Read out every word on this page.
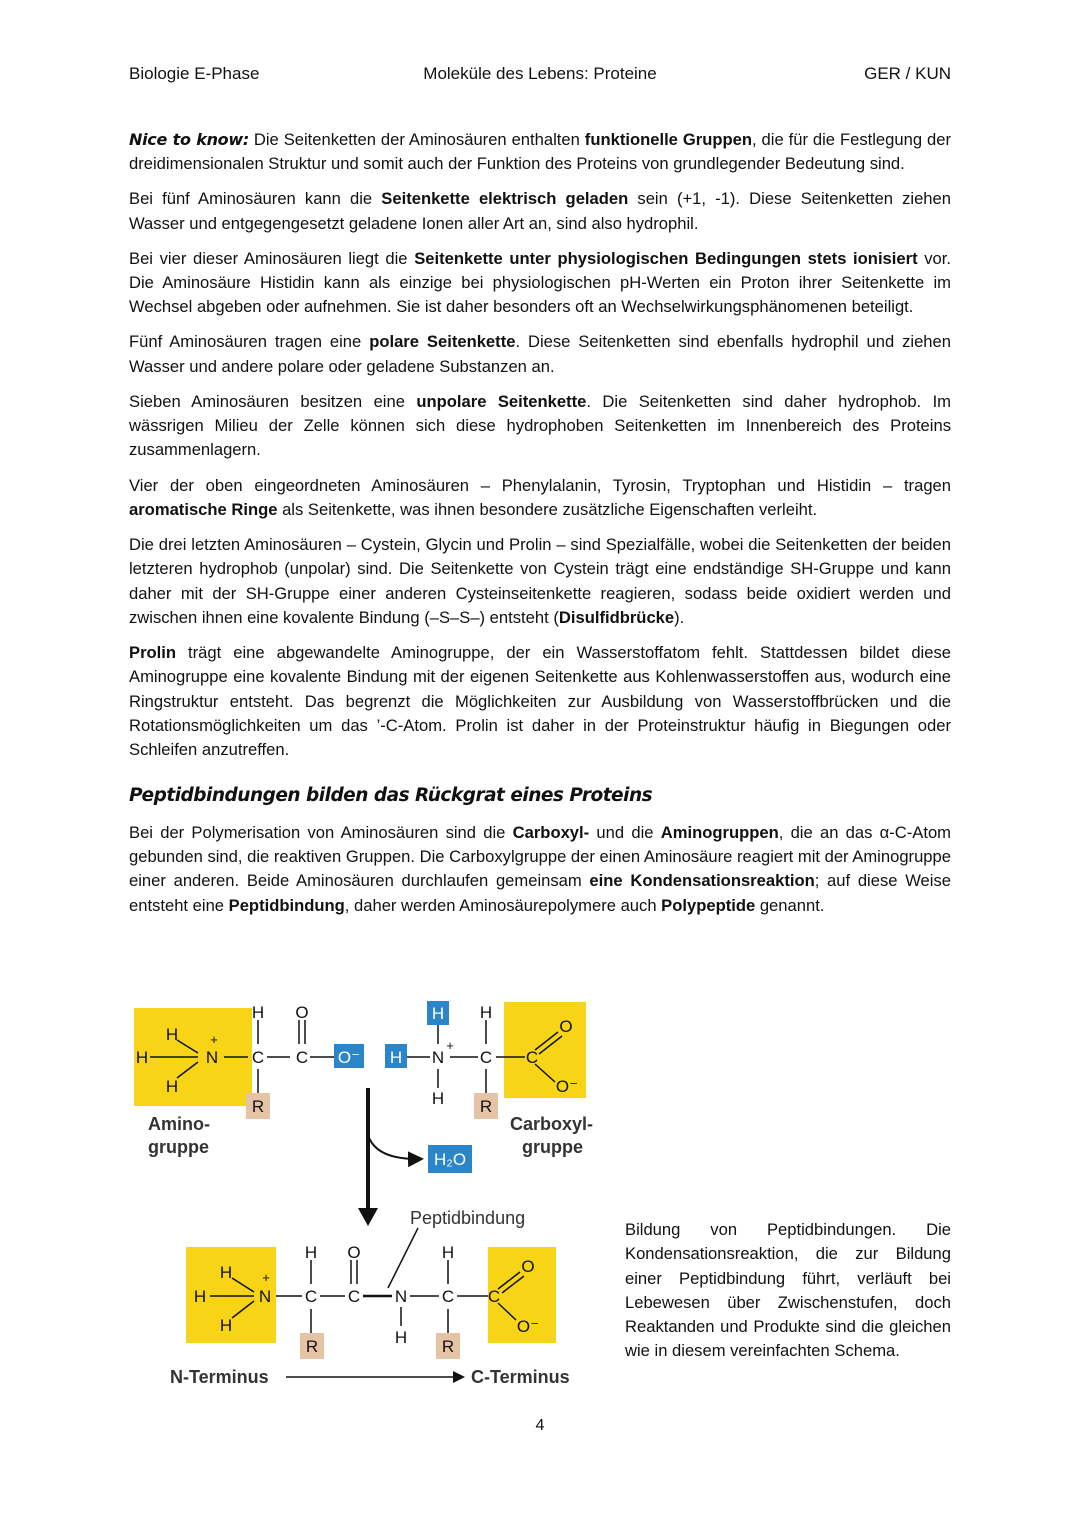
Biologie E-Phase	Moleküle des Lebens: Proteine	GER / KUN

Nice to know: Die Seitenketten der Aminosäuren enthalten funktionelle Gruppen, die für die Festlegung der dreidimensionalen Struktur und somit auch der Funktion des Proteins von grundlegender Bedeutung sind.

Bei fünf Aminosäuren kann die Seitenkette elektrisch geladen sein (+1, -1). Diese Seitenketten ziehen Wasser und entgegengesetzt geladene Ionen aller Art an, sind also hydrophil.

Bei vier dieser Aminosäuren liegt die Seitenkette unter physiologischen Bedingungen stets ionisiert vor. Die Aminosäure Histidin kann als einzige bei physiologischen pH-Werten ein Proton ihrer Seitenkette im Wechsel abgeben oder aufnehmen. Sie ist daher besonders oft an Wechselwirkungsphänomenen beteiligt.

Fünf Aminosäuren tragen eine polare Seitenkette. Diese Seitenketten sind ebenfalls hydrophil und ziehen Wasser und andere polare oder geladene Substanzen an.

Sieben Aminosäuren besitzen eine unpolare Seitenkette. Die Seitenketten sind daher hydrophob. Im wässrigen Milieu der Zelle können sich diese hydrophoben Seitenketten im Innenbereich des Proteins zusammenlagern.

Vier der oben eingeordneten Aminosäuren – Phenylalanin, Tyrosin, Tryptophan und Histidin – tragen aromatische Ringe als Seitenkette, was ihnen besondere zusätzliche Eigenschaften verleiht.

Die drei letzten Aminosäuren – Cystein, Glycin und Prolin – sind Spezialfälle, wobei die Seitenketten der beiden letzteren hydrophob (unpolar) sind. Die Seitenkette von Cystein trägt eine endständige SH-Gruppe und kann daher mit der SH-Gruppe einer anderen Cysteinseitenkette reagieren, sodass beide oxidiert werden und zwischen ihnen eine kovalente Bindung (–S–S–) entsteht (Disulfidbrücke).

Prolin trägt eine abgewandelte Aminogruppe, der ein Wasserstoffatom fehlt. Stattdessen bildet diese Aminogruppe eine kovalente Bindung mit der eigenen Seitenkette aus Kohlenwasserstoffen aus, wodurch eine Ringstruktur entsteht. Das begrenzt die Möglichkeiten zur Ausbildung von Wasserstoffbrücken und die Rotationsmöglichkeiten um das ’-C-Atom. Prolin ist daher in der Proteinstruktur häufig in Biegungen oder Schleifen anzutreffen.

Peptidbindungen bilden das Rückgrat eines Proteins

Bei der Polymerisation von Aminosäuren sind die Carboxyl- und die Aminogruppen, die an das α-C-Atom gebunden sind, die reaktiven Gruppen. Die Carboxylgruppe der einen Aminosäure reagiert mit der Aminogruppe einer anderen. Beide Aminosäuren durchlaufen gemeinsam eine Kondensationsreaktion; auf diese Weise entsteht eine Peptidbindung, daher werden Aminosäurepolymere auch Polypeptide genannt.

H
H
H
N
+
H
C
R
O
C O⁻ H
H
N
+
H
H
C
R
C
O
O⁻
Amino-
gruppe
Carboxyl-
gruppe
H₂O
Peptidbindung
H
H
H
N
+
H
C
R
O
C N
H
H
C
R
C
O
O⁻
N-Terminus	C-Terminus
Bildung von Peptidbindungen. Die Kondensationsreaktion, die zur Bildung einer Peptidbindung führt, verläuft bei Lebewesen über Zwischenstufen, doch Reaktanden und Produkte sind die gleichen wie in diesem vereinfachten Schema.
4
